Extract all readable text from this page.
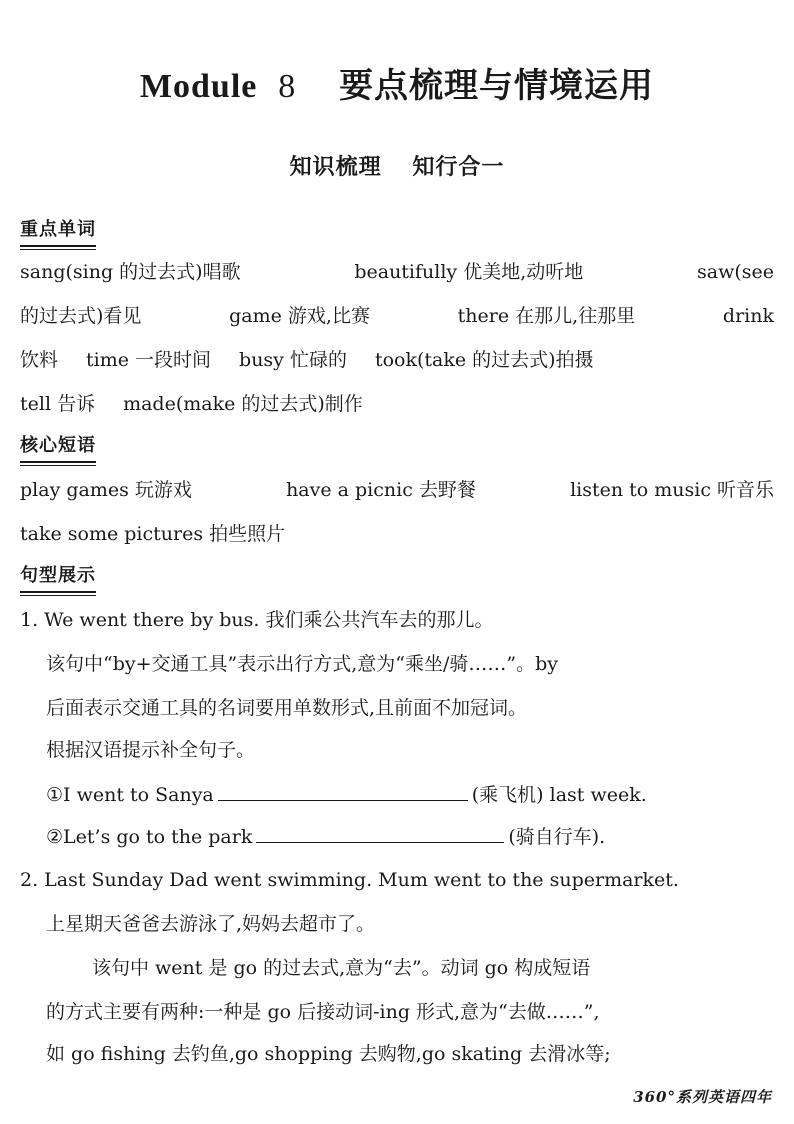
Module 8 要点梳理与情境运用
知识梳理 知行合一
重点单词
sang(sing 的过去式)唱歌	beautifully 优美地,动听地	saw(see
的过去式)看见	game 游戏,比赛	there 在那儿,往那里	drink
饮料 time 一段时间 busy 忙碌的 took(take 的过去式)拍摄
tell 告诉 made(make 的过去式)制作
核心短语
play games 玩游戏	have a picnic 去野餐	listen to music 听音乐
take some pictures 拍些照片
句型展示
1. We went there by bus. 我们乘公共汽车去的那儿。
该句中“by+交通工具”表示出行方式,意为“乘坐/骑……”。by
后面表示交通工具的名词要用单数形式,且前面不加冠词。
根据汉语提示补全句子。
①I went to Sanya	(乘飞机) last week.
②Let’s go to the park	(骑自行车).
2. Last Sunday Dad went swimming. Mum went to the supermarket.
上星期天爸爸去游泳了,妈妈去超市了。
该句中 went 是 go 的过去式,意为“去”。动词 go 构成短语
的方式主要有两种:一种是 go 后接动词-ing 形式,意为“去做……”,
如 go fishing 去钓鱼,go shopping 去购物,go skating 去滑冰等;
360°系列英语四年
